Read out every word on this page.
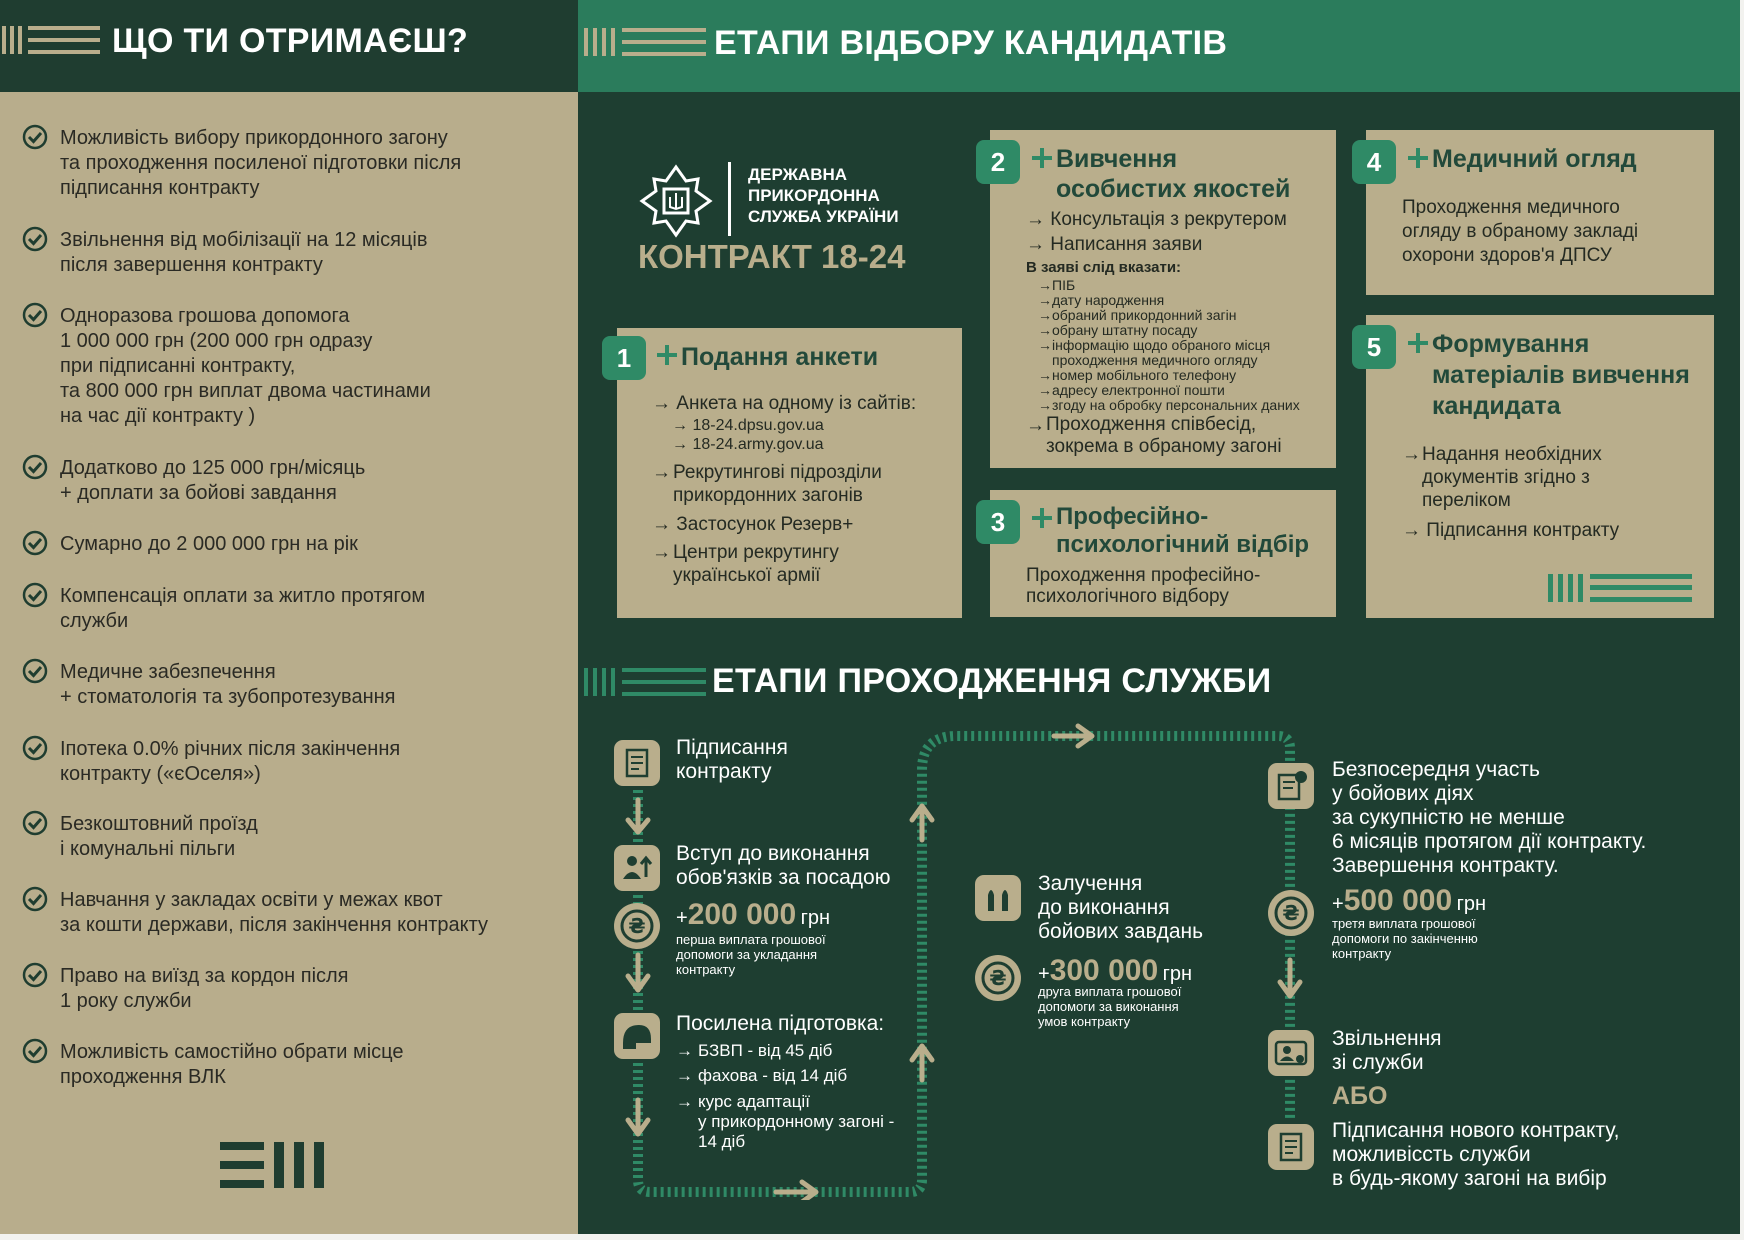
ЩО ТИ ОТРИМАЄШ?	ЕТАПИ ВІДБОРУ КАНДИДАТІВ
Можливість вибору прикордонного загону
та проходження посиленої підготовки після
підписання контракту
Звільнення від мобілізації на 12 місяців
після завершення контракту
Одноразова грошова допомога
1 000 000 грн (200 000 грн одразу
при підписанні контракту,
та 800 000 грн виплат двома частинами
на час дії контракту )
Додатково до 125 000 грн/місяць
+ доплати за бойові завдання
Сумарно до 2 000 000 грн на рік
Компенсація оплати за житло протягом
служби
Медичне забезпечення
+ стоматологія та зубопротезування
Іпотека 0.0% річних після закінчення
контракту («єОселя»)
Безкоштовний проїзд
і комунальні пільги
Навчання у закладах освіти у межах квот
за кошти держави, після закінчення контракту
Право на виїзд за кордон після
1 року служби
Можливість самостійно обрати місце
проходження ВЛК
ДЕРЖАВНА
ПРИКОРДОННА
СЛУЖБА УКРАЇНИ
КОНТРАКТ 18-24
1	Подання анкети
→ Анкета на одному із сайтів:
→ 18-24.dpsu.gov.ua
→ 18-24.army.gov.ua
→ Рекрутингові підрозділи
прикордонних загонів
→ Застосунок Резерв+
→ Центри рекрутингу
української армії
2	Вивчення
особистих якостей
→ Консультація з рекрутером
→ Написання заяви
В заяві слід вказати:
→ ПІБ
→ дату народження
→ обраний прикордонний загін
→ обрану штатну посаду
→ інформацію щодо обраного місця
проходження медичного огляду
→ номер мобільного телефону
→ адресу електронної пошти
→ згоду на обробку персональних даних
→ Проходження співбесід,
зокрема в обраному загоні
3	Професійно-
психологічний відбір
Проходження професійно-
психологічного відбору
4	Медичний огляд
Проходження медичного
огляду в обраному закладі
охорони здоров'я ДПСУ
5	Формування
матеріалів вивчення
кандидата
→ Надання необхідних
документів згідно з
переліком
→ Підписання контракту
ЕТАПИ ПРОХОДЖЕННЯ СЛУЖБИ
₴
₴
₴
Підписання
контракту
Вступ до виконання
обов'язків за посадою
+200 000 грн
перша виплата грошової
допомоги за укладання
контракту
Посилена підготовка:
→ БЗВП - від 45 діб
→ фахова - від 14 діб
→ курс адаптації
у прикордонному загоні -
14 діб
Залучення
до виконання
бойових завдань
+300 000 грн
друга виплата грошової
допомоги за виконання
умов контракту
Безпосередня участь
у бойових діях
за сукупністю не менше
6 місяців протягом дії контракту.
Завершення контракту.
+500 000 грн
третя виплата грошової
допомоги по закінченню
контракту
Звільнення
зі служби
АБО
Підписання нового контракту,
можливісcть служби
в будь-якому загоні на вибір
